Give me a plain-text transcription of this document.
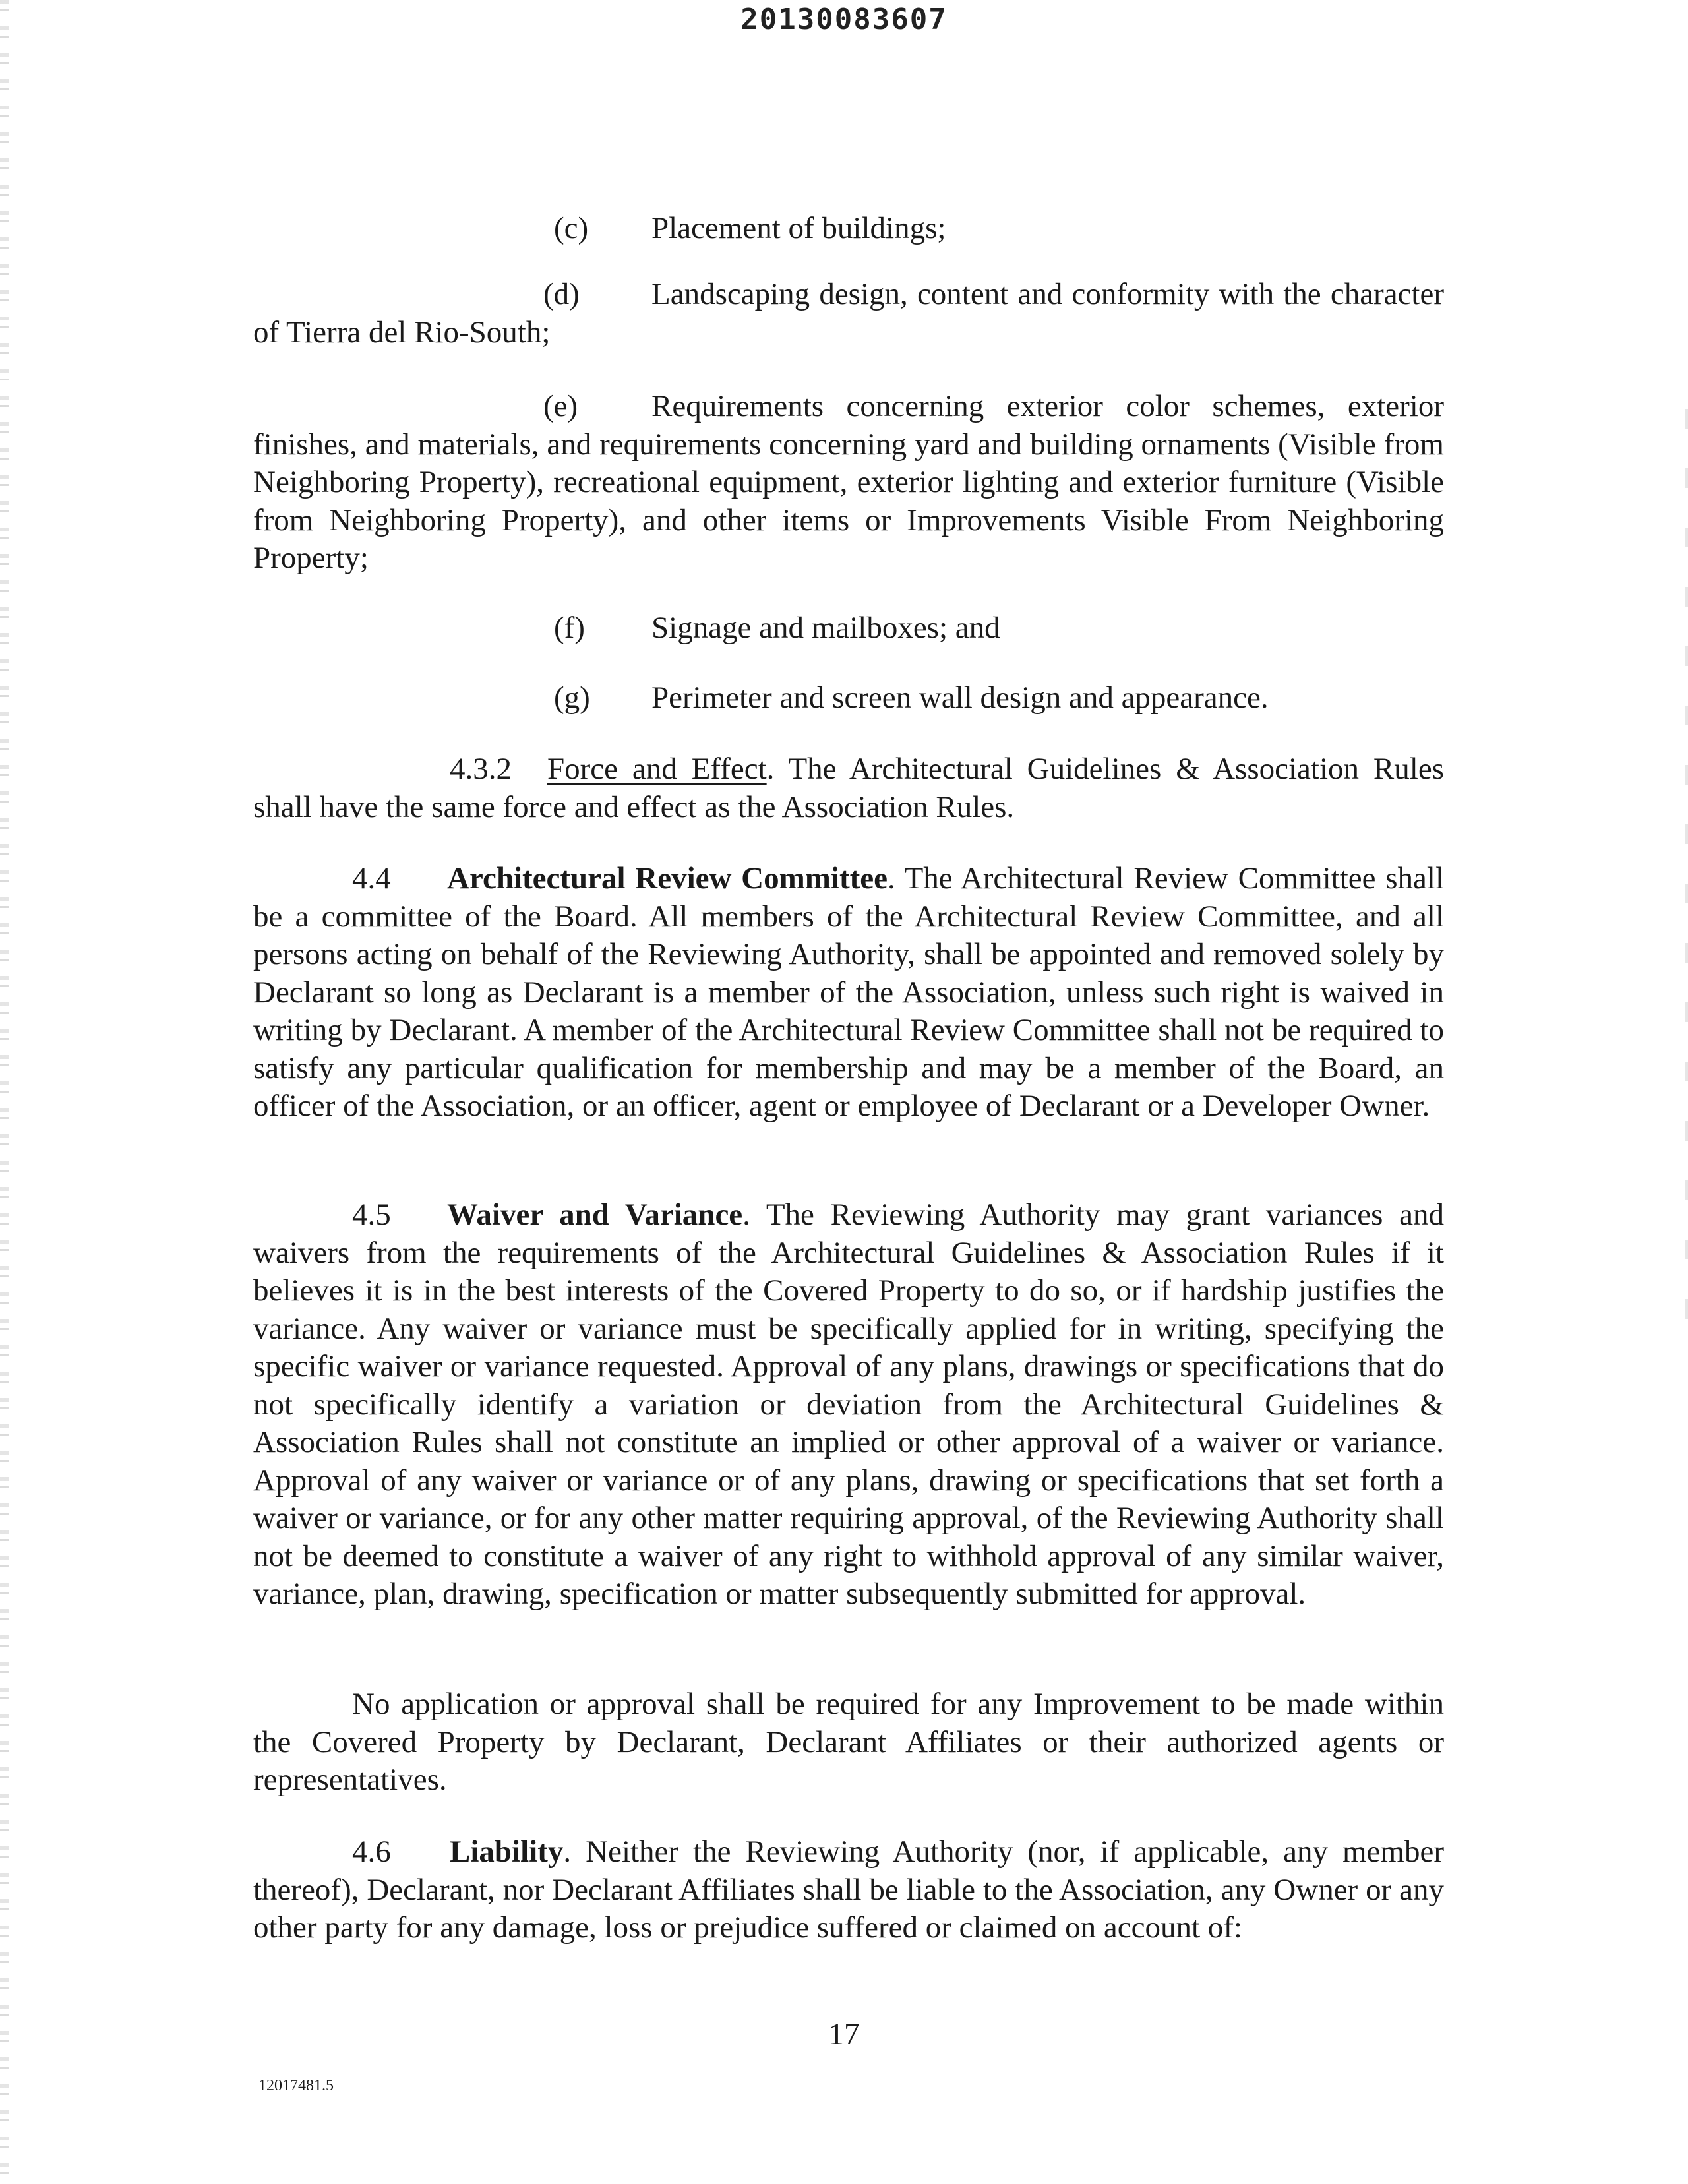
20130083607
(c)	Placement of buildings;
(d) Landscaping design, content and conformity with the character of Tierra del Rio-South;
(e) Requirements concerning exterior color schemes, exterior finishes, and materials, and requirements concerning yard and building ornaments (Visible from Neighboring Property), recreational equipment, exterior lighting and exterior furniture (Visible from Neighboring Property), and other items or Improvements Visible From Neighboring Property;
(f)	Signage and mailboxes; and
(g)	Perimeter and screen wall design and appearance.
4.3.2 Force and Effect. The Architectural Guidelines & Association Rules shall have the same force and effect as the Association Rules.
4.4 Architectural Review Committee. The Architectural Review Committee shall be a committee of the Board. All members of the Architectural Review Committee, and all persons acting on behalf of the Reviewing Authority, shall be appointed and removed solely by Declarant so long as Declarant is a member of the Association, unless such right is waived in writing by Declarant. A member of the Architectural Review Committee shall not be required to satisfy any particular qualification for membership and may be a member of the Board, an officer of the Association, or an officer, agent or employee of Declarant or a Developer Owner.
4.5 Waiver and Variance. The Reviewing Authority may grant variances and waivers from the requirements of the Architectural Guidelines & Association Rules if it believes it is in the best interests of the Covered Property to do so, or if hardship justifies the variance. Any waiver or variance must be specifically applied for in writing, specifying the specific waiver or variance requested. Approval of any plans, drawings or specifications that do not specifically identify a variation or deviation from the Architectural Guidelines & Association Rules shall not constitute an implied or other approval of a waiver or variance. Approval of any waiver or variance or of any plans, drawing or specifications that set forth a waiver or variance, or for any other matter requiring approval, of the Reviewing Authority shall not be deemed to constitute a waiver of any right to withhold approval of any similar waiver, variance, plan, drawing, specification or matter subsequently submitted for approval.
No application or approval shall be required for any Improvement to be made within the Covered Property by Declarant, Declarant Affiliates or their authorized agents or representatives.
4.6 Liability. Neither the Reviewing Authority (nor, if applicable, any member thereof), Declarant, nor Declarant Affiliates shall be liable to the Association, any Owner or any other party for any damage, loss or prejudice suffered or claimed on account of:
17
12017481.5
